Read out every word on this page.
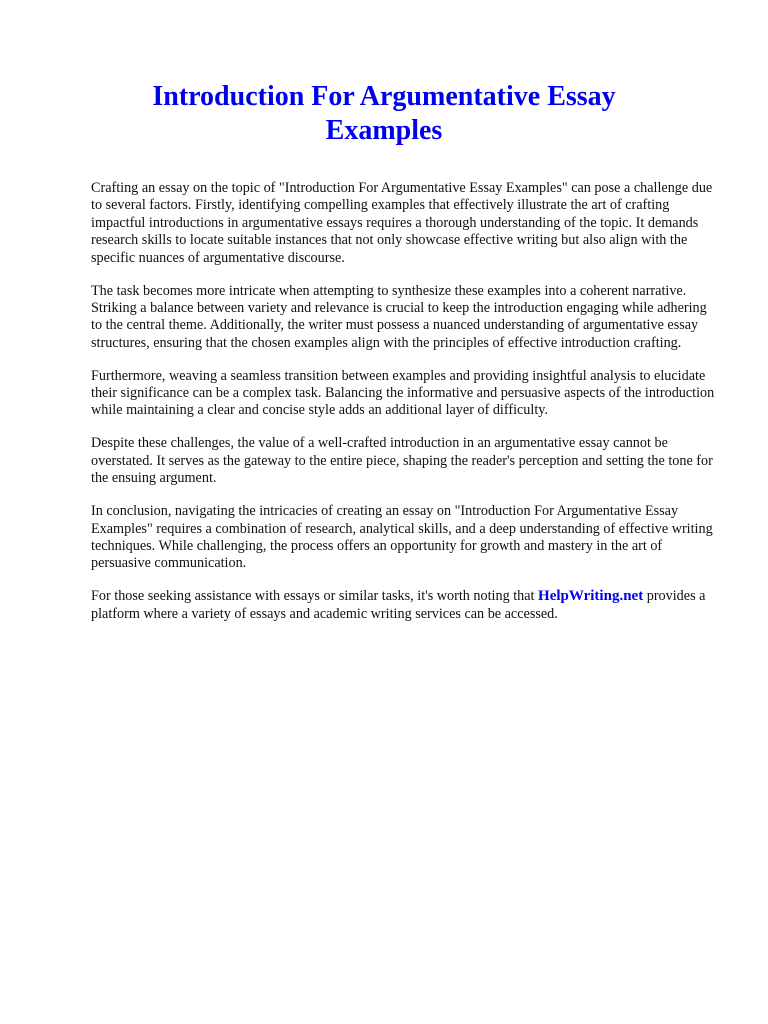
Introduction For Argumentative Essay Examples

Crafting an essay on the topic of "Introduction For Argumentative Essay Examples" can pose a challenge due to several factors. Firstly, identifying compelling examples that effectively illustrate the art of crafting impactful introductions in argumentative essays requires a thorough understanding of the topic. It demands research skills to locate suitable instances that not only showcase effective writing but also align with the specific nuances of argumentative discourse.

The task becomes more intricate when attempting to synthesize these examples into a coherent narrative. Striking a balance between variety and relevance is crucial to keep the introduction engaging while adhering to the central theme. Additionally, the writer must possess a nuanced understanding of argumentative essay structures, ensuring that the chosen examples align with the principles of effective introduction crafting.

Furthermore, weaving a seamless transition between examples and providing insightful analysis to elucidate their significance can be a complex task. Balancing the informative and persuasive aspects of the introduction while maintaining a clear and concise style adds an additional layer of difficulty.

Despite these challenges, the value of a well-crafted introduction in an argumentative essay cannot be overstated. It serves as the gateway to the entire piece, shaping the reader's perception and setting the tone for the ensuing argument.

In conclusion, navigating the intricacies of creating an essay on "Introduction For Argumentative Essay Examples" requires a combination of research, analytical skills, and a deep understanding of effective writing techniques. While challenging, the process offers an opportunity for growth and mastery in the art of persuasive communication.

For those seeking assistance with essays or similar tasks, it's worth noting that HelpWriting.net provides a platform where a variety of essays and academic writing services can be accessed.
